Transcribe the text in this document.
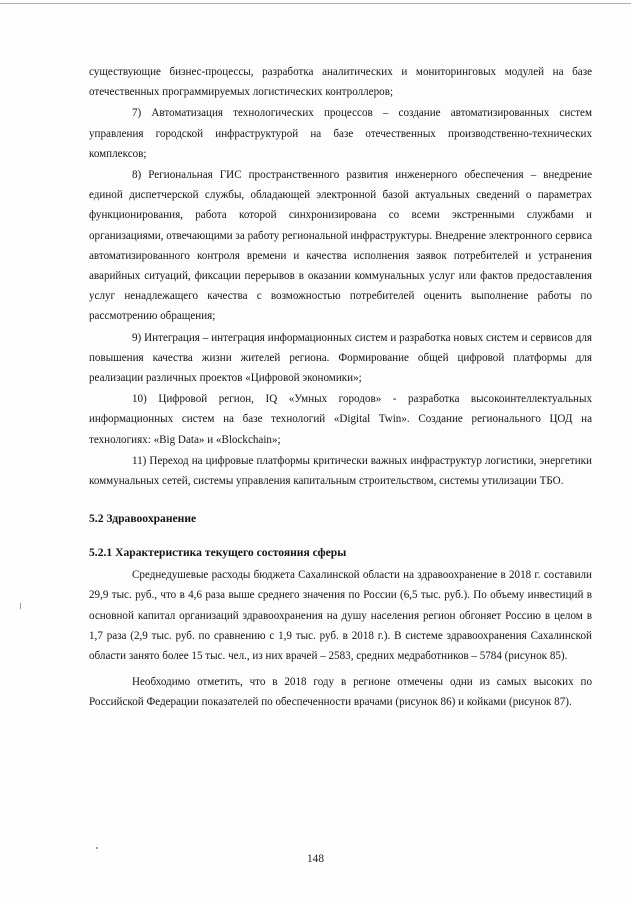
существующие бизнес-процессы, разработка аналитических и мониторинговых модулей на базе отечественных программируемых логистических контроллеров;

7) Автоматизация технологических процессов – создание автоматизированных систем управления городской инфраструктурой на базе отечественных производственно-технических комплексов;

8) Региональная ГИС пространственного развития инженерного обеспечения – внедрение единой диспетчерской службы, обладающей электронной базой актуальных сведений о параметрах функционирования, работа которой синхронизирована со всеми экстренными службами и организациями, отвечающими за работу региональной инфраструктуры. Внедрение электронного сервиса автоматизированного контроля времени и качества исполнения заявок потребителей и устранения аварийных ситуаций, фиксации перерывов в оказании коммунальных услуг или фактов предоставления услуг ненадлежащего качества с возможностью потребителей оценить выполнение работы по рассмотрению обращения;

9) Интеграция – интеграция информационных систем и разработка новых систем и сервисов для повышения качества жизни жителей региона. Формирование общей цифровой платформы для реализации различных проектов «Цифровой экономики»;

10) Цифровой регион, IQ «Умных городов» - разработка высокоинтеллектуальных информационных систем на базе технологий «Digital Twin». Создание регионального ЦОД на технологиях: «Big Data» и «Blockchain»;

11) Переход на цифровые платформы критически важных инфраструктур логистики, энергетики коммунальных сетей, системы управления капитальным строительством, системы утилизации ТБО.

5.2 Здравоохранение
5.2.1 Характеристика текущего состояния сферы

Среднедушевые расходы бюджета Сахалинской области на здравоохранение в 2018 г. составили 29,9 тыс. руб., что в 4,6 раза выше среднего значения по России (6,5 тыс. руб.). По объему инвестиций в основной капитал организаций здравоохранения на душу населения регион обгоняет Россию в целом в 1,7 раза (2,9 тыс. руб. по сравнению с 1,9 тыс. руб. в 2018 г.). В системе здравоохранения Сахалинской области занято более 15 тыс. чел., из них врачей – 2583, средних медработников – 5784 (рисунок 85).

Необходимо отметить, что в 2018 году в регионе отмечены одни из самых высоких по Российской Федерации показателей по обеспеченности врачами (рисунок 86) и койками (рисунок 87).

148
